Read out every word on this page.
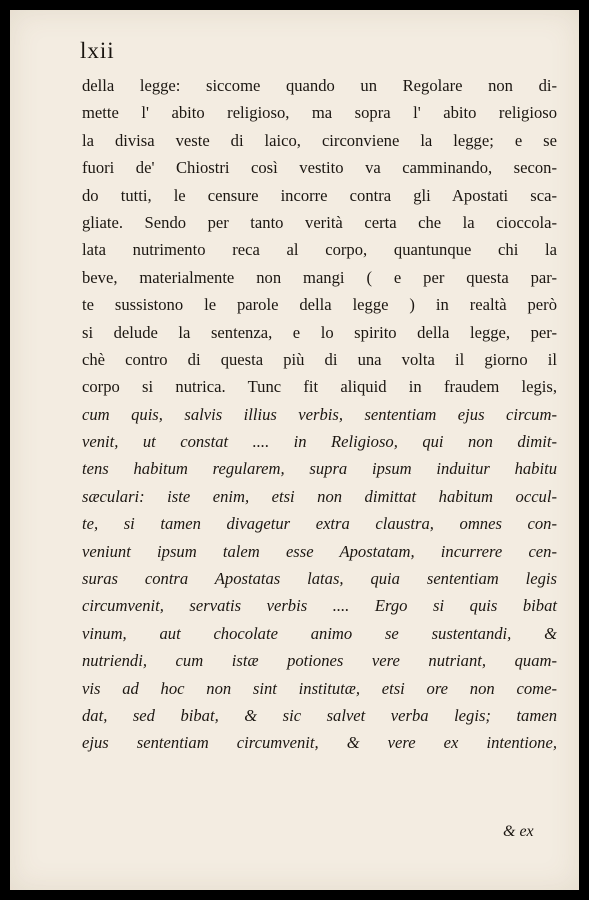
lxii
della legge: siccome quando un Regolare non di-
mette l' abito religioso, ma sopra l' abito religioso
la divisa veste di laico, circonviene la legge; e se
fuori de' Chiostri così vestito va camminando, secon-
do tutti, le censure incorre contra gli Apostati sca-
gliate. Sendo per tanto verità certa che la cioccola-
lata nutrimento reca al corpo, quantunque chi la
beve, materialmente non mangi ( e per questa par-
te sussistono le parole della legge ) in realtà però
si delude la sentenza, e lo spirito della legge, per-
chè contro di questa più di una volta il giorno il
corpo si nutrica. Tunc fit aliquid in fraudem legis,
cum quis, salvis illius verbis, sententiam ejus circum-
venit, ut constat .... in Religioso, qui non dimit-
tens habitum regularem, supra ipsum induitur habitu
sæculari: iste enim, etsi non dimittat habitum occul-
te, si tamen divagetur extra claustra, omnes con-
veniunt ipsum talem esse Apostatam, incurrere cen-
suras contra Apostatas latas, quia sententiam legis
circumvenit, servatis verbis .... Ergo si quis bibat
vinum, aut chocolate animo se sustentandi, &
nutriendi, cum istæ potiones vere nutriant, quam-
vis ad hoc non sint institutæ, etsi ore non come-
dat, sed bibat, & sic salvet verba legis; tamen
ejus sententiam circumvenit, & vere ex intentione,
& ex
